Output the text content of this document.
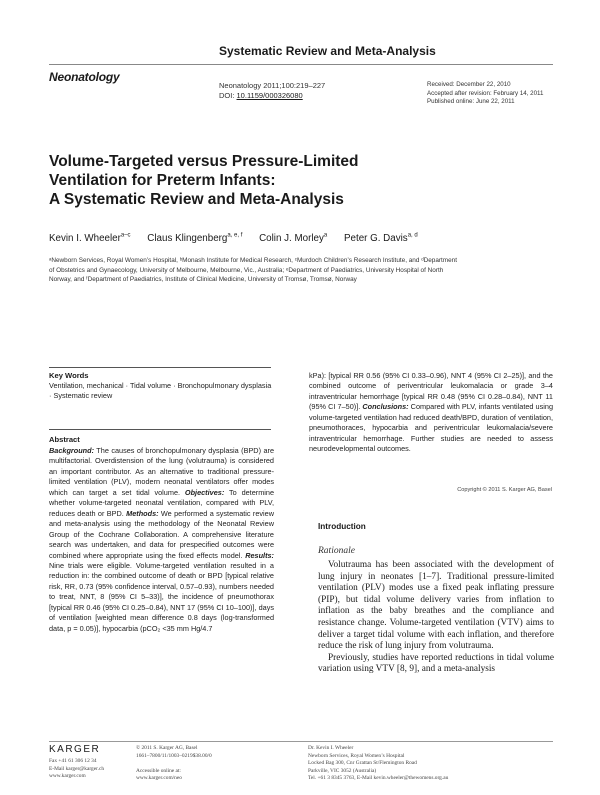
Systematic Review and Meta-Analysis
Neonatology
Neonatology 2011;100:219–227
DOI: 10.1159/000326080
Received: December 22, 2010
Accepted after revision: February 14, 2011
Published online: June 22, 2011
Volume-Targeted versus Pressure-Limited
Ventilation for Preterm Infants:
A Systematic Review and Meta-Analysis
Kevin I. Wheeler$^{a-c}$ Claus Klingenberg$^{a, e, f}$ Colin J. Morley$^a$ Peter G. Davis$^{a, d}$
ᵃNewborn Services, Royal Women’s Hospital, ᵇMonash Institute for Medical Research, ᶜMurdoch Children’s Research Institute, and ᵈDepartment of Obstetrics and Gynaecology, University of Melbourne, Melbourne, Vic., Australia; ᵉDepartment of Paediatrics, University Hospital of North Norway, and ᶠDepartment of Paediatrics, Institute of Clinical Medicine, University of Tromsø, Tromsø, Norway
Key Words
Ventilation, mechanical · Tidal volume · Bronchopulmonary dysplasia · Systematic review
Abstract
Background: The causes of bronchopulmonary dysplasia (BPD) are multifactorial. Overdistension of the lung (volutrauma) is considered an important contributor. As an alternative to traditional pressure-limited ventilation (PLV), modern neonatal ventilators offer modes which can target a set tidal volume. Objectives: To determine whether volume-targeted neonatal ventilation, compared with PLV, reduces death or BPD. Methods: We performed a systematic review and meta-analysis using the methodology of the Neonatal Review Group of the Cochrane Collaboration. A comprehensive literature search was undertaken, and data for prespecified outcomes were combined where appropriate using the fixed effects model. Results: Nine trials were eligible. Volume-targeted ventilation resulted in a reduction in: the combined outcome of death or BPD [typical relative risk, RR, 0.73 (95% confidence interval, 0.57–0.93), numbers needed to treat, NNT, 8 (95% CI 5–33)], the incidence of pneumothorax [typical RR 0.46 (95% CI 0.25–0.84), NNT 17 (95% CI 10–100)], days of ventilation [weighted mean difference 0.8 days (log-transformed data, p = 0.05)], hypocarbia (pCO₂ <35 mm Hg/4.7
kPa): [typical RR 0.56 (95% CI 0.33–0.96), NNT 4 (95% CI 2–25)], and the combined outcome of periventricular leukomalacia or grade 3–4 intraventricular hemorrhage [typical RR 0.48 (95% CI 0.28–0.84), NNT 11 (95% CI 7–50)]. Conclusions: Compared with PLV, infants ventilated using volume-targeted ventilation had reduced death/BPD, duration of ventilation, pneumothoraces, hypocarbia and periventricular leukomalacia/severe intraventricular hemorrhage. Further studies are needed to assess neurodevelopmental outcomes.
Copyright © 2011 S. Karger AG, Basel
Introduction
Rationale

Volutrauma has been associated with the development of lung injury in neonates [1–7]. Traditional pressure-limited ventilation (PLV) modes use a fixed peak inflating pressure (PIP), but tidal volume delivery varies from inflation to inflation as the baby breathes and the compliance and resistance change. Volume-targeted ventilation (VTV) aims to deliver a target tidal volume with each inflation, and therefore reduce the risk of lung injury from volutrauma.

Previously, studies have reported reductions in tidal volume variation using VTV [8, 9], and a meta-analysis

KARGER
Fax +41 61 306 12 34
E-Mail karger@karger.ch
www.karger.com
© 2011 S. Karger AG, Basel
1661–7800/11/1003–0219$38.00/0
Accessible online at:
www.karger.com/neo
Dr. Kevin I. Wheeler
Newborn Services, Royal Women’s Hospital
Locked Bag 300, Cnr Grattan St/Flemington Road
Parkville, VIC 3052 (Australia)
Tel. +61 3 8345 3763, E-Mail kevin.wheeler@thewomens.org.au
